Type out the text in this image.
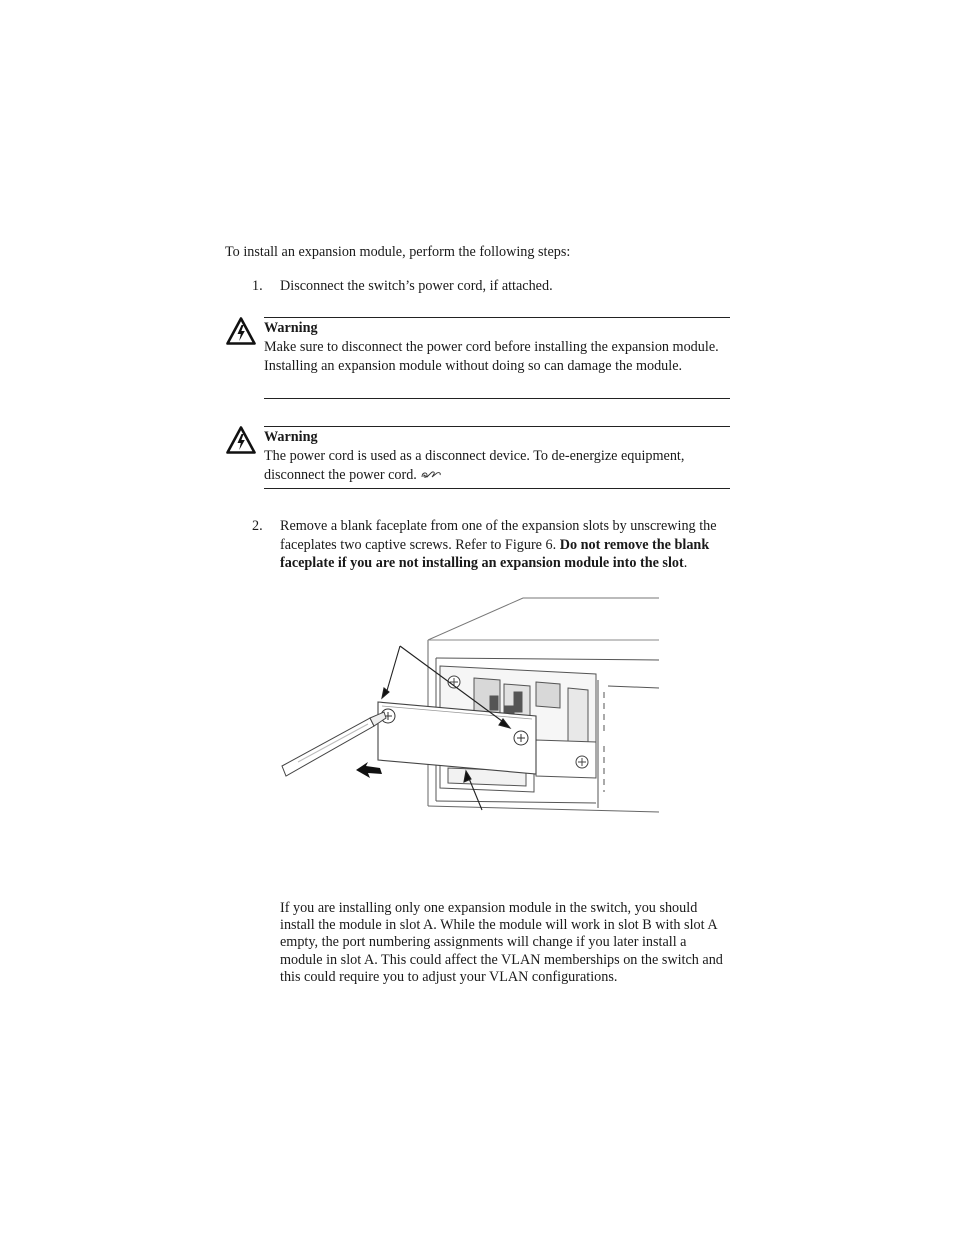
To install an expansion module, perform the following steps:
1. Disconnect the switch’s power cord, if attached.
Warning
Make sure to disconnect the power cord before installing the expansion module. Installing an expansion module without doing so can damage the module.
Warning
The power cord is used as a disconnect device. To de-energize equipment, disconnect the power cord.
2. Remove a blank faceplate from one of the expansion slots by unscrewing the faceplates two captive screws. Refer to Figure 6. Do not remove the blank faceplate if you are not installing an expansion module into the slot.
If you are installing only one expansion module in the switch, you should install the module in slot A. While the module will work in slot B with slot A empty, the port numbering assignments will change if you later install a module in slot A. This could affect the VLAN memberships on the switch and this could require you to adjust your VLAN configurations.
